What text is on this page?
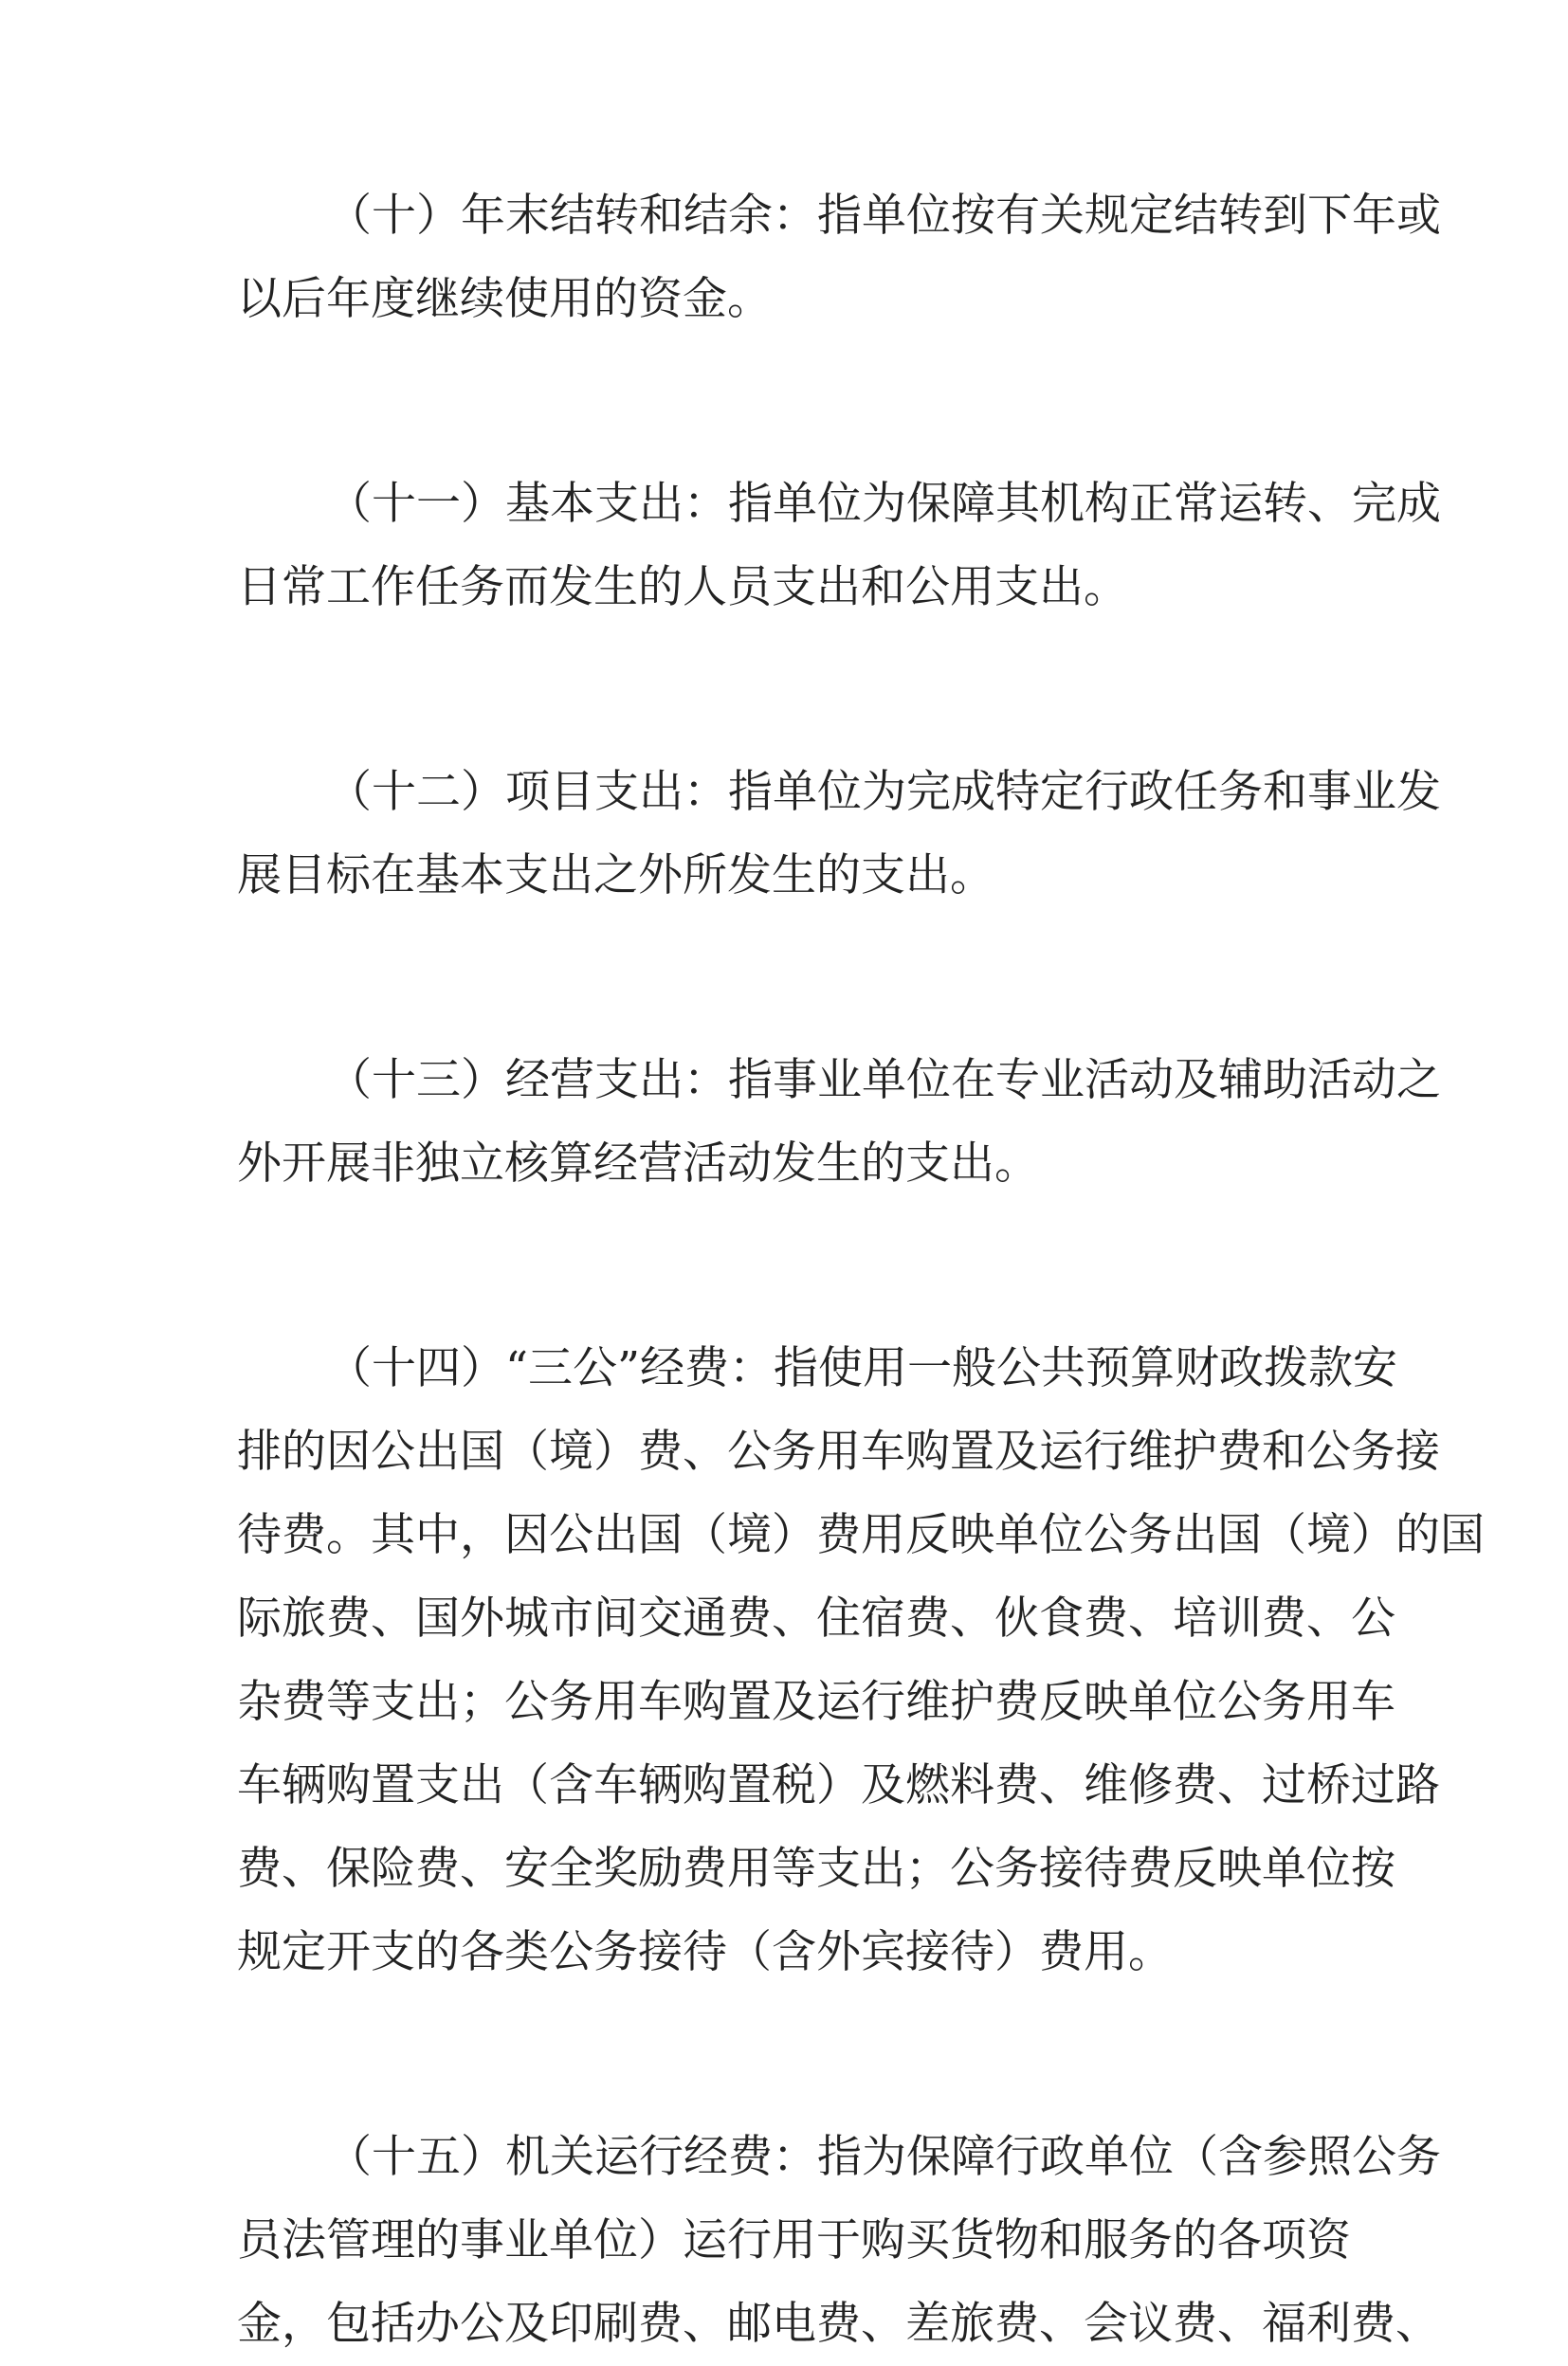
（十）年末结转和结余：指单位按有关规定结转到下年或
以后年度继续使用的资金。

（十一）基本支出：指单位为保障其机构正常运转、完成
日常工作任务而发生的人员支出和公用支出。

（十二）项目支出：指单位为完成特定行政任务和事业发
展目标在基本支出之外所发生的支出。

（十三）经营支出：指事业单位在专业活动及辅助活动之
外开展非独立核算经营活动发生的支出。

（十四）“三公”经费：指使用一般公共预算财政拨款安
排的因公出国（境）费、公务用车购置及运行维护费和公务接
待费。其中，因公出国（境）费用反映单位公务出国（境）的国
际旅费、国外城市间交通费、住宿费、伙食费、培训费、公
杂费等支出；公务用车购置及运行维护费反映单位公务用车
车辆购置支出（含车辆购置税）及燃料费、维修费、过桥过路
费、保险费、安全奖励费用等支出；公务接待费反映单位按
规定开支的各类公务接待（含外宾接待）费用。

（十五）机关运行经费：指为保障行政单位（含参照公务
员法管理的事业单位）运行用于购买货物和服务的各项资
金，包括办公及印刷费、邮电费、差旅费、会议费、福利费、
